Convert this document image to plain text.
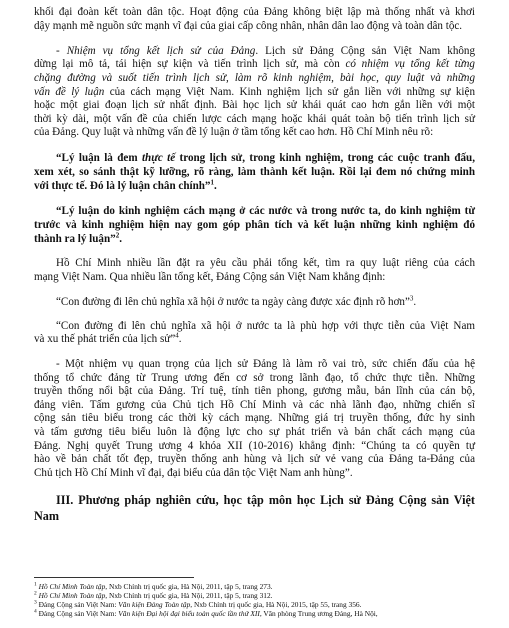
khối đại đoàn kết toàn dân tộc. Hoạt động của Đảng không biệt lập mà thống nhất và khơi
dậy mạnh mẽ nguồn sức mạnh vĩ đại của giai cấp công nhân, nhân dân lao động và toàn dân tộc.
- Nhiệm vụ tổng kết lịch sử của Đảng. Lịch sử Đảng Cộng sản Việt Nam không
dừng lại mô tả, tái hiện sự kiện và tiến trình lịch sử, mà còn có nhiệm vụ tổng kết từng
chặng đường và suốt tiến trình lịch sử, làm rõ kinh nghiệm, bài học, quy luật và những
vấn đề lý luận của cách mạng Việt Nam. Kinh nghiệm lịch sử gắn liền với những sự kiện
hoặc một giai đoạn lịch sử nhất định. Bài học lịch sử khái quát cao hơn gắn liền với một
thời kỳ dài, một vấn đề của chiến lược cách mạng hoặc khái quát toàn bộ tiến trình lịch sử
của Đảng. Quy luật và những vấn đề lý luận ở tầm tổng kết cao hơn. Hồ Chí Minh nêu rõ:
“Lý luận là đem thực tế trong lịch sử, trong kinh nghiệm, trong các cuộc tranh đấu,
xem xét, so sánh thật kỹ lưỡng, rõ ràng, làm thành kết luận. Rồi lại đem nó chứng minh
với thực tế. Đó là lý luận chân chính”$^1$.
“Lý luận do kinh nghiệm cách mạng ở các nước và trong nước ta, do kinh nghiệm từ
trước và kinh nghiệm hiện nay gom góp phân tích và kết luận những kinh nghiệm đó
thành ra lý luận”$^2$.
Hồ Chí Minh nhiều lần đặt ra yêu cầu phải tổng kết, tìm ra quy luật riêng của cách
mạng Việt Nam. Qua nhiều lần tổng kết, Đảng Cộng sản Việt Nam khẳng định:
“Con đường đi lên chủ nghĩa xã hội ở nước ta ngày càng được xác định rõ hơn”$^3$.
“Con đường đi lên chủ nghĩa xã hội ở nước ta là phù hợp với thực tiễn của Việt Nam
và xu thế phát triển của lịch sử”$^4$.
- Một nhiệm vụ quan trọng của lịch sử Đảng là làm rõ vai trò, sức chiến đấu của hệ
thống tổ chức đảng từ Trung ương đến cơ sở trong lãnh đạo, tổ chức thực tiễn. Những
truyền thống nổi bật của Đảng. Trí tuệ, tính tiên phong, gương mẫu, bản lĩnh của cán bộ,
đảng viên. Tấm gương của Chủ tịch Hồ Chí Minh và các nhà lãnh đạo, những chiến sĩ
cộng sản tiêu biểu trong các thời kỳ cách mạng. Những giá trị truyền thống, đức hy sinh
và tấm gương tiêu biểu luôn là động lực cho sự phát triển và bản chất cách mạng của
Đảng. Nghị quyết Trung ương 4 khóa XII (10-2016) khẳng định: “Chúng ta có quyền tự
hào về bản chất tốt đẹp, truyền thống anh hùng và lịch sử vẻ vang của Đảng ta-Đảng của
Chủ tịch Hồ Chí Minh vĩ đại, đại biểu của dân tộc Việt Nam anh hùng”.
III. Phương pháp nghiên cứu, học tập môn học Lịch sử Đảng Cộng sản Việt
Nam
$^1$ Hồ Chí Minh Toàn tập, Nxb Chính trị quốc gia, Hà Nội, 2011, tập 5, trang 273.
$^2$ Hồ Chí Minh Toàn tập, Nxb Chính trị quốc gia, Hà Nội, 2011, tập 5, trang 312.
$^3$ Đảng Cộng sản Việt Nam: Văn kiện Đảng Toàn tập, Nxb Chính trị quốc gia, Hà Nội, 2015, tập 55, trang 356.
$^4$ Đảng Cộng sản Việt Nam: Văn kiện Đại hội đại biểu toàn quốc lần thứ XII, Văn phòng Trung ương Đảng, Hà Nội,
